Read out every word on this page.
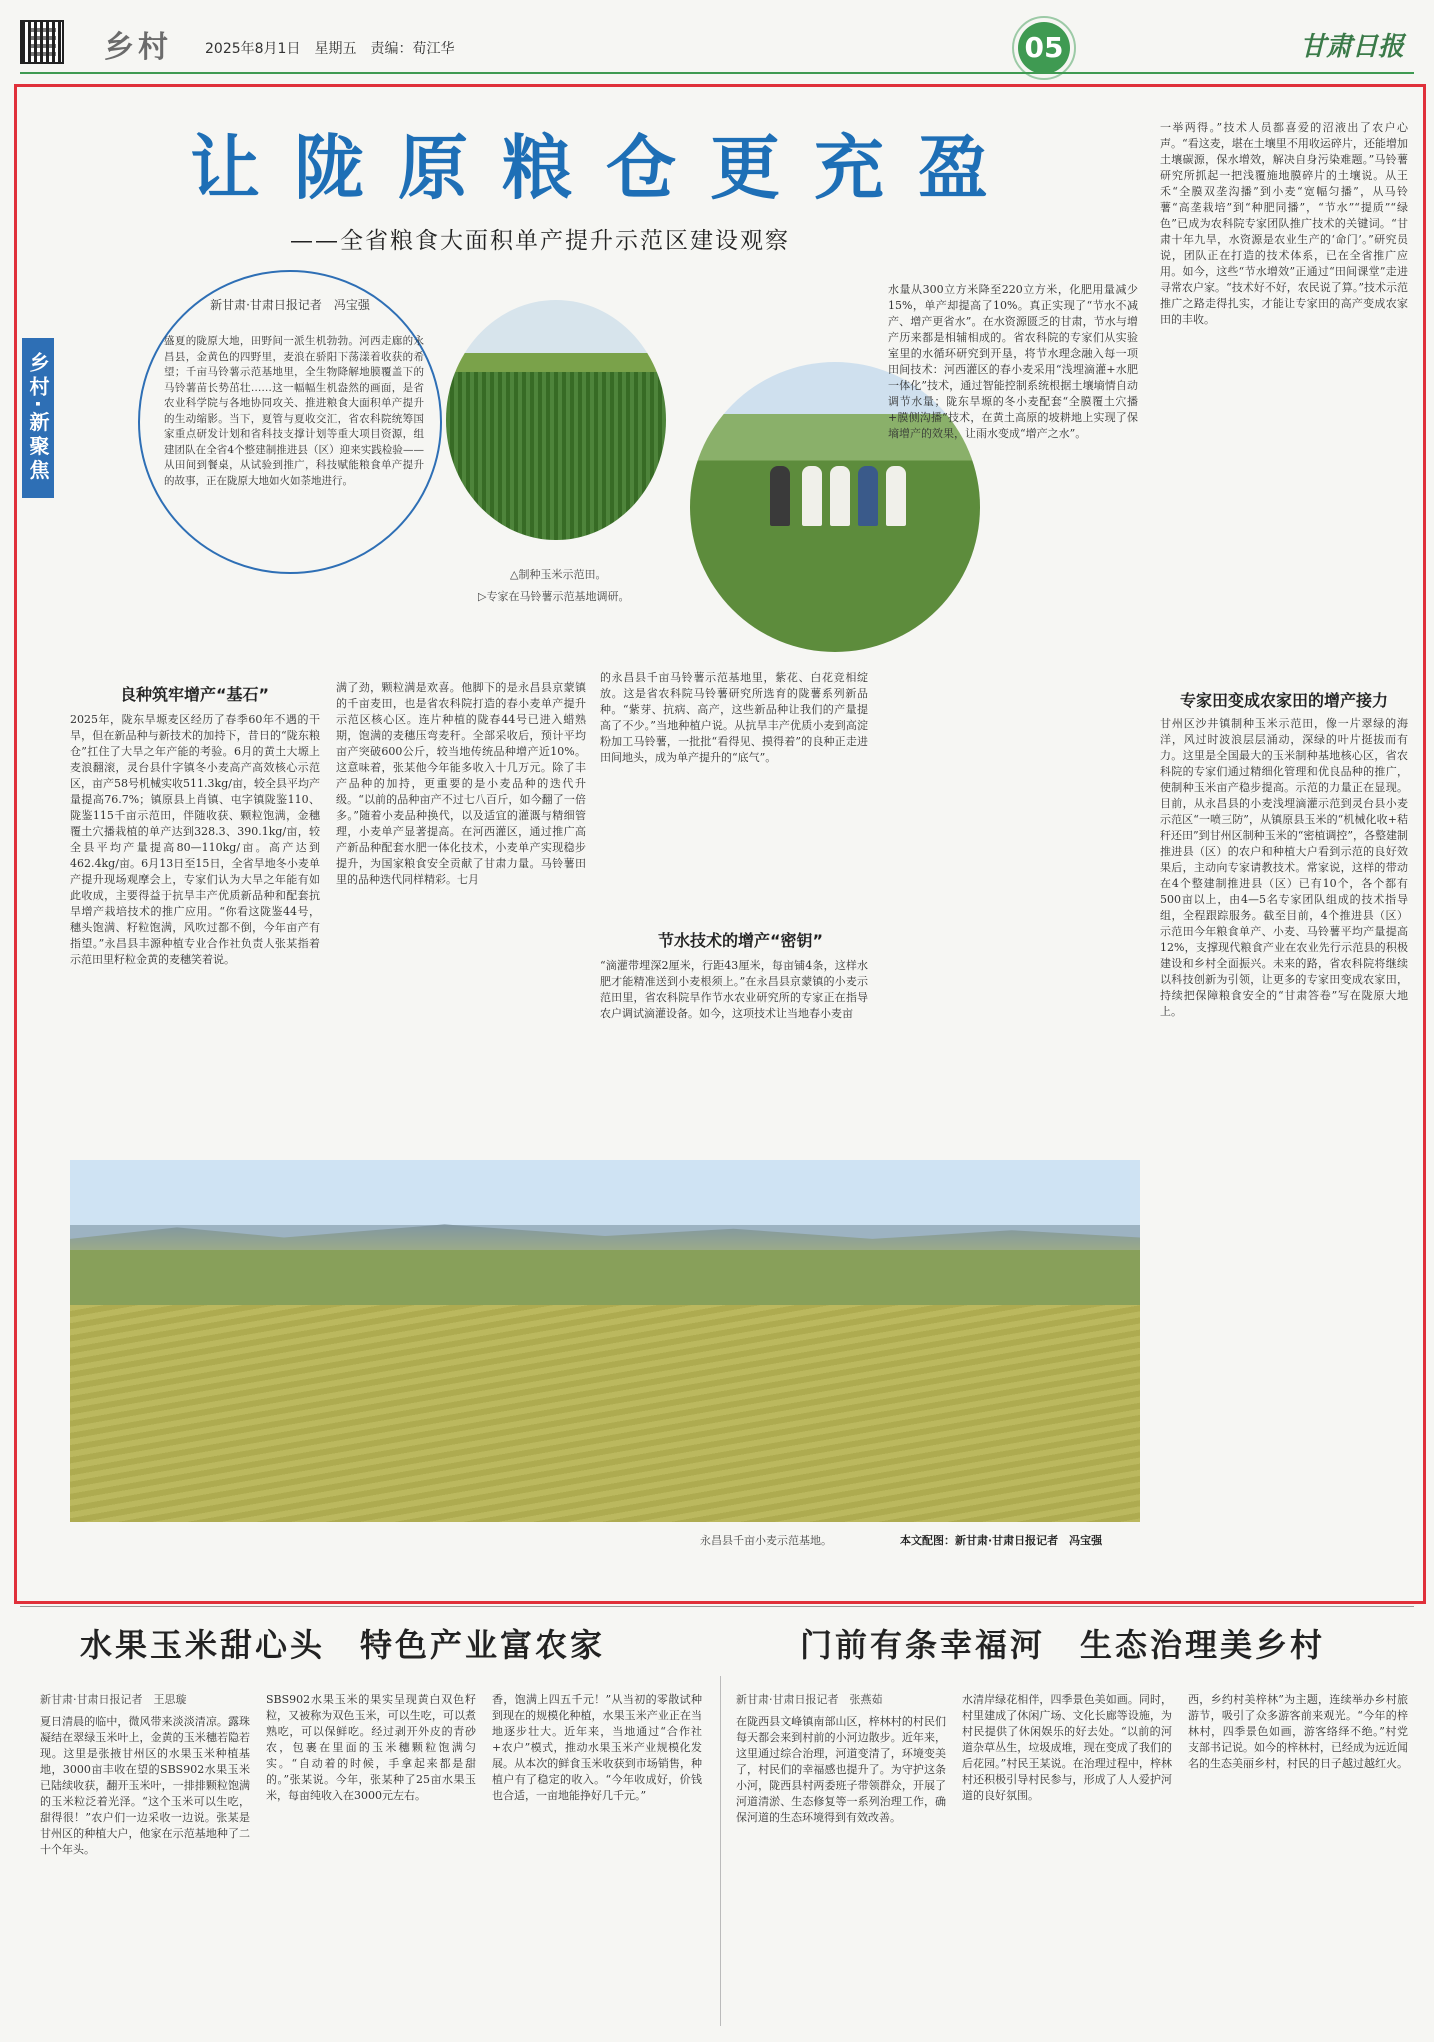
乡村 2025年8月1日　星期五　责编：荀江华	05	甘肃日报
让陇原粮仓更充盈
——全省粮食大面积单产提升示范区建设观察
乡村·新聚焦
新甘肃·甘肃日报记者　冯宝强
盛夏的陇原大地，田野间一派生机勃勃。河西走廊的永昌县，金黄色的四野里，麦浪在骄阳下荡漾着收获的希望；千亩马铃薯示范基地里，全生物降解地膜覆盖下的马铃薯苗长势茁壮……这一幅幅生机盎然的画面，是省农业科学院与各地协同攻关、推进粮食大面积单产提升的生动缩影。当下，夏管与夏收交汇，省农科院统筹国家重点研发计划和省科技支撑计划等重大项目资源，组建团队在全省4个整建制推进县（区）迎来实践检验——从田间到餐桌，从试验到推广，科技赋能粮食单产提升的故事，正在陇原大地如火如荼地进行。
△制种玉米示范田。
▷专家在马铃薯示范基地调研。
良种筑牢增产“基石”
2025年，陇东旱塬麦区经历了春季60年不遇的干旱，但在新品种与新技术的加持下，昔日的“陇东粮仓”扛住了大旱之年产能的考验。6月的黄土大塬上麦浪翻滚，灵台县什字镇冬小麦高产高效核心示范区，亩产58号机械实收511.3kg/亩，较全县平均产量提高76.7%；镇原县上肖镇、屯字镇陇鉴110、陇鉴115千亩示范田，伴随收获、颗粒饱满，金穗覆土穴播栽植的单产达到328.3、390.1kg/亩，较全县平均产量提高80—110kg/亩。高产达到462.4kg/亩。6月13日至15日，全省旱地冬小麦单产提升现场观摩会上，专家们认为大旱之年能有如此收成，主要得益于抗旱丰产优质新品种和配套抗旱增产栽培技术的推广应用。“你看这陇鉴44号，穗头饱满、籽粒饱满，风吹过都不倒，今年亩产有指望。”永昌县丰源种植专业合作社负责人张某指着示范田里籽粒金黄的麦穗笑着说。
满了劲，颗粒满是欢喜。他脚下的是永昌县京蒙镇的千亩麦田，也是省农科院打造的春小麦单产提升示范区核心区。连片种植的陇春44号已进入蜡熟期，饱满的麦穗压弯麦秆。全部采收后，预计平均亩产突破600公斤，较当地传统品种增产近10%。这意味着，张某他今年能多收入十几万元。除了丰产品种的加持，更重要的是小麦品种的迭代升级。“以前的品种亩产不过七八百斤，如今翻了一倍多。”随着小麦品种换代，以及适宜的灌溉与精细管理，小麦单产显著提高。在河西灌区，通过推广高产新品种配套水肥一体化技术，小麦单产实现稳步提升，为国家粮食安全贡献了甘肃力量。马铃薯田里的品种迭代同样精彩。七月
的永昌县千亩马铃薯示范基地里，紫花、白花竞相绽放。这是省农科院马铃薯研究所选育的陇薯系列新品种。“紫芽、抗病、高产，这些新品种让我们的产量提高了不少。”当地种植户说。从抗旱丰产优质小麦到高淀粉加工马铃薯，一批批“看得见、摸得着”的良种正走进田间地头，成为单产提升的“底气”。
节水技术的增产“密钥”
“滴灌带埋深2厘米，行距43厘米，每亩铺4条，这样水肥才能精准送到小麦根须上。”在永昌县京蒙镇的小麦示范田里，省农科院旱作节水农业研究所的专家正在指导农户调试滴灌设备。如今，这项技术让当地春小麦亩
水量从300立方米降至220立方米，化肥用量减少15%，单产却提高了10%。真正实现了“节水不减产、增产更省水”。在水资源匮乏的甘肃，节水与增产历来都是相辅相成的。省农科院的专家们从实验室里的水循环研究到开垦，将节水理念融入每一项田间技术：河西灌区的春小麦采用“浅埋滴灌+水肥一体化”技术，通过智能控制系统根据土壤墒情自动调节水量；陇东旱塬的冬小麦配套“全膜覆土穴播+膜侧沟播”技术，在黄土高原的坡耕地上实现了保墒增产的效果，让雨水变成“增产之水”。
一举两得。”技术人员都喜爱的沼液出了农户心声。“看这麦，堪在土壤里不用收运碎片，还能增加土壤碳源，保水增效，解决自身污染难题。”马铃薯研究所抓起一把浅覆施地膜碎片的土壤说。从王禾“全膜双垄沟播”到小麦“宽幅匀播”，从马铃薯“高垄栽培”到“种肥同播”，“节水”“提质”“绿色”已成为农科院专家团队推广技术的关键词。“甘肃十年九旱，水资源是农业生产的‘命门’。”研究员说，团队正在打造的技术体系，已在全省推广应用。如今，这些“节水增效”正通过“田间课堂”走进寻常农户家。“技术好不好，农民说了算。”技术示范推广之路走得扎实，才能让专家田的高产变成农家田的丰收。
专家田变成农家田的增产接力
甘州区沙井镇制种玉米示范田，像一片翠绿的海洋，风过时波浪层层涌动，深绿的叶片挺拔而有力。这里是全国最大的玉米制种基地核心区，省农科院的专家们通过精细化管理和优良品种的推广，使制种玉米亩产稳步提高。示范的力量正在显现。目前，从永昌县的小麦浅埋滴灌示范到灵台县小麦示范区“一喷三防”，从镇原县玉米的“机械化收+秸秆还田”到甘州区制种玉米的“密植调控”，各整建制推进县（区）的农户和种植大户看到示范的良好效果后，主动向专家请教技术。常家说，这样的带动在4个整建制推进县（区）已有10个，各个都有500亩以上，由4—5名专家团队组成的技术指导组，全程跟踪服务。截至目前，4个推进县（区）示范田今年粮食单产、小麦、马铃薯平均产量提高12%，支撑现代粮食产业在农业先行示范县的积极建设和乡村全面振兴。未来的路，省农科院将继续以科技创新为引领，让更多的专家田变成农家田，持续把保障粮食安全的“甘肃答卷”写在陇原大地上。
永昌县千亩小麦示范基地。	本文配图：新甘肃·甘肃日报记者　冯宝强
水果玉米甜心头　特色产业富农家	门前有条幸福河　生态治理美乡村
新甘肃·甘肃日报记者　王思璇
夏日清晨的临中，微风带来淡淡清凉。露珠凝结在翠绿玉米叶上，金黄的玉米穗若隐若现。这里是张掖甘州区的水果玉米种植基地，3000亩丰收在望的SBS902水果玉米已陆续收获，翻开玉米叶，一排排颗粒饱满的玉米粒泛着光泽。“这个玉米可以生吃，甜得很！”农户们一边采收一边说。张某是甘州区的种植大户，他家在示范基地种了二十个年头。
SBS902水果玉米的果实呈现黄白双色籽粒，又被称为双色玉米，可以生吃，可以煮熟吃，可以保鲜吃。经过剥开外皮的青砂农，包裹在里面的玉米穗颗粒饱满匀实。“自动着的时候，手拿起来都是甜的。”张某说。今年，张某种了25亩水果玉米，每亩纯收入在3000元左右。
香，饱满上四五千元！”从当初的零散试种到现在的规模化种植，水果玉米产业正在当地逐步壮大。近年来，当地通过“合作社+农户”模式，推动水果玉米产业规模化发展。从本次的鲜食玉米收获到市场销售，种植户有了稳定的收入。“今年收成好，价钱也合适，一亩地能挣好几千元。”
新甘肃·甘肃日报记者　张燕茹
在陇西县文峰镇南部山区，梓林村的村民们每天都会来到村前的小河边散步。近年来，这里通过综合治理，河道变清了，环境变美了，村民们的幸福感也提升了。为守护这条小河，陇西县村两委班子带领群众，开展了河道清淤、生态修复等一系列治理工作，确保河道的生态环境得到有效改善。
水清岸绿花相伴，四季景色美如画。同时，村里建成了休闲广场、文化长廊等设施，为村民提供了休闲娱乐的好去处。“以前的河道杂草丛生，垃圾成堆，现在变成了我们的后花园。”村民王某说。在治理过程中，梓林村还积极引导村民参与，形成了人人爱护河道的良好氛围。
西，乡约村美梓林”为主题，连续举办乡村旅游节，吸引了众多游客前来观光。“今年的梓林村，四季景色如画，游客络绎不绝。”村党支部书记说。如今的梓林村，已经成为远近闻名的生态美丽乡村，村民的日子越过越红火。
